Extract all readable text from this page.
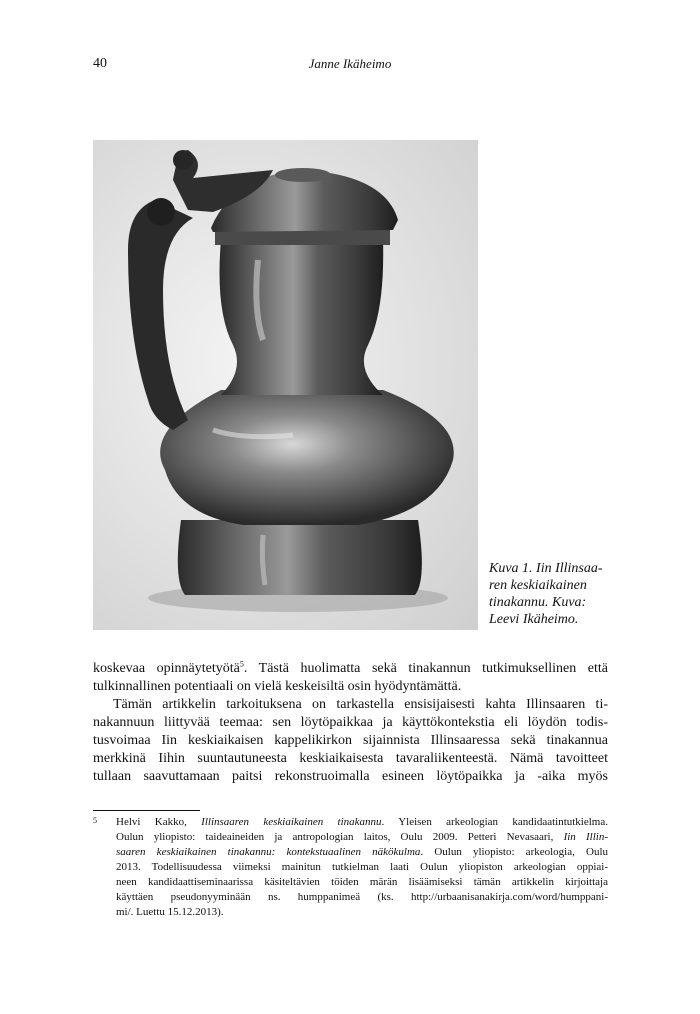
40	Janne Ikäheimo
Kuva 1. Iin Illinsaa-
ren keskiaikainen
tinakannu. Kuva:
Leevi Ikäheimo.
koskevaa opinnäytetyötä$^5$. Tästä huolimatta sekä tinakannun tutkimuksellinen että
tulkinnallinen potentiaali on vielä keskeisiltä osin hyödyntämättä.
Tämän artikkelin tarkoituksena on tarkastella ensisijaisesti kahta Illinsaaren ti-
nakannuun liittyvää teemaa: sen löytöpaikkaa ja käyttökontekstia eli löydön todis-
tusvoimaa Iin keskiaikaisen kappelikirkon sijainnista Illinsaaressa sekä tinakannua
merkkinä Iihin suuntautuneesta keskiaikaisesta tavaraliikenteestä. Nämä tavoitteet
tullaan saavuttamaan paitsi rekonstruoimalla esineen löytöpaikka ja -aika myös
5 Helvi Kakko, Illinsaaren keskiaikainen tinakannu. Yleisen arkeologian kandidaatintutkielma.
Oulun yliopisto: taideaineiden ja antropologian laitos, Oulu 2009. Petteri Nevasaari, Iin Illin-
saaren keskiaikainen tinakannu: kontekstuaalinen näkökulma. Oulun yliopisto: arkeologia, Oulu
2013. Todellisuudessa viimeksi mainitun tutkielman laati Oulun yliopiston arkeologian oppiai-
neen kandidaattiseminaarissa käsiteltävien töiden märän lisäämiseksi tämän artikkelin kirjoittaja
käyttäen pseudonyyminään ns. humppanimeä (ks. http://urbaanisanakirja.com/word/humppani-
mi/. Luettu 15.12.2013).
